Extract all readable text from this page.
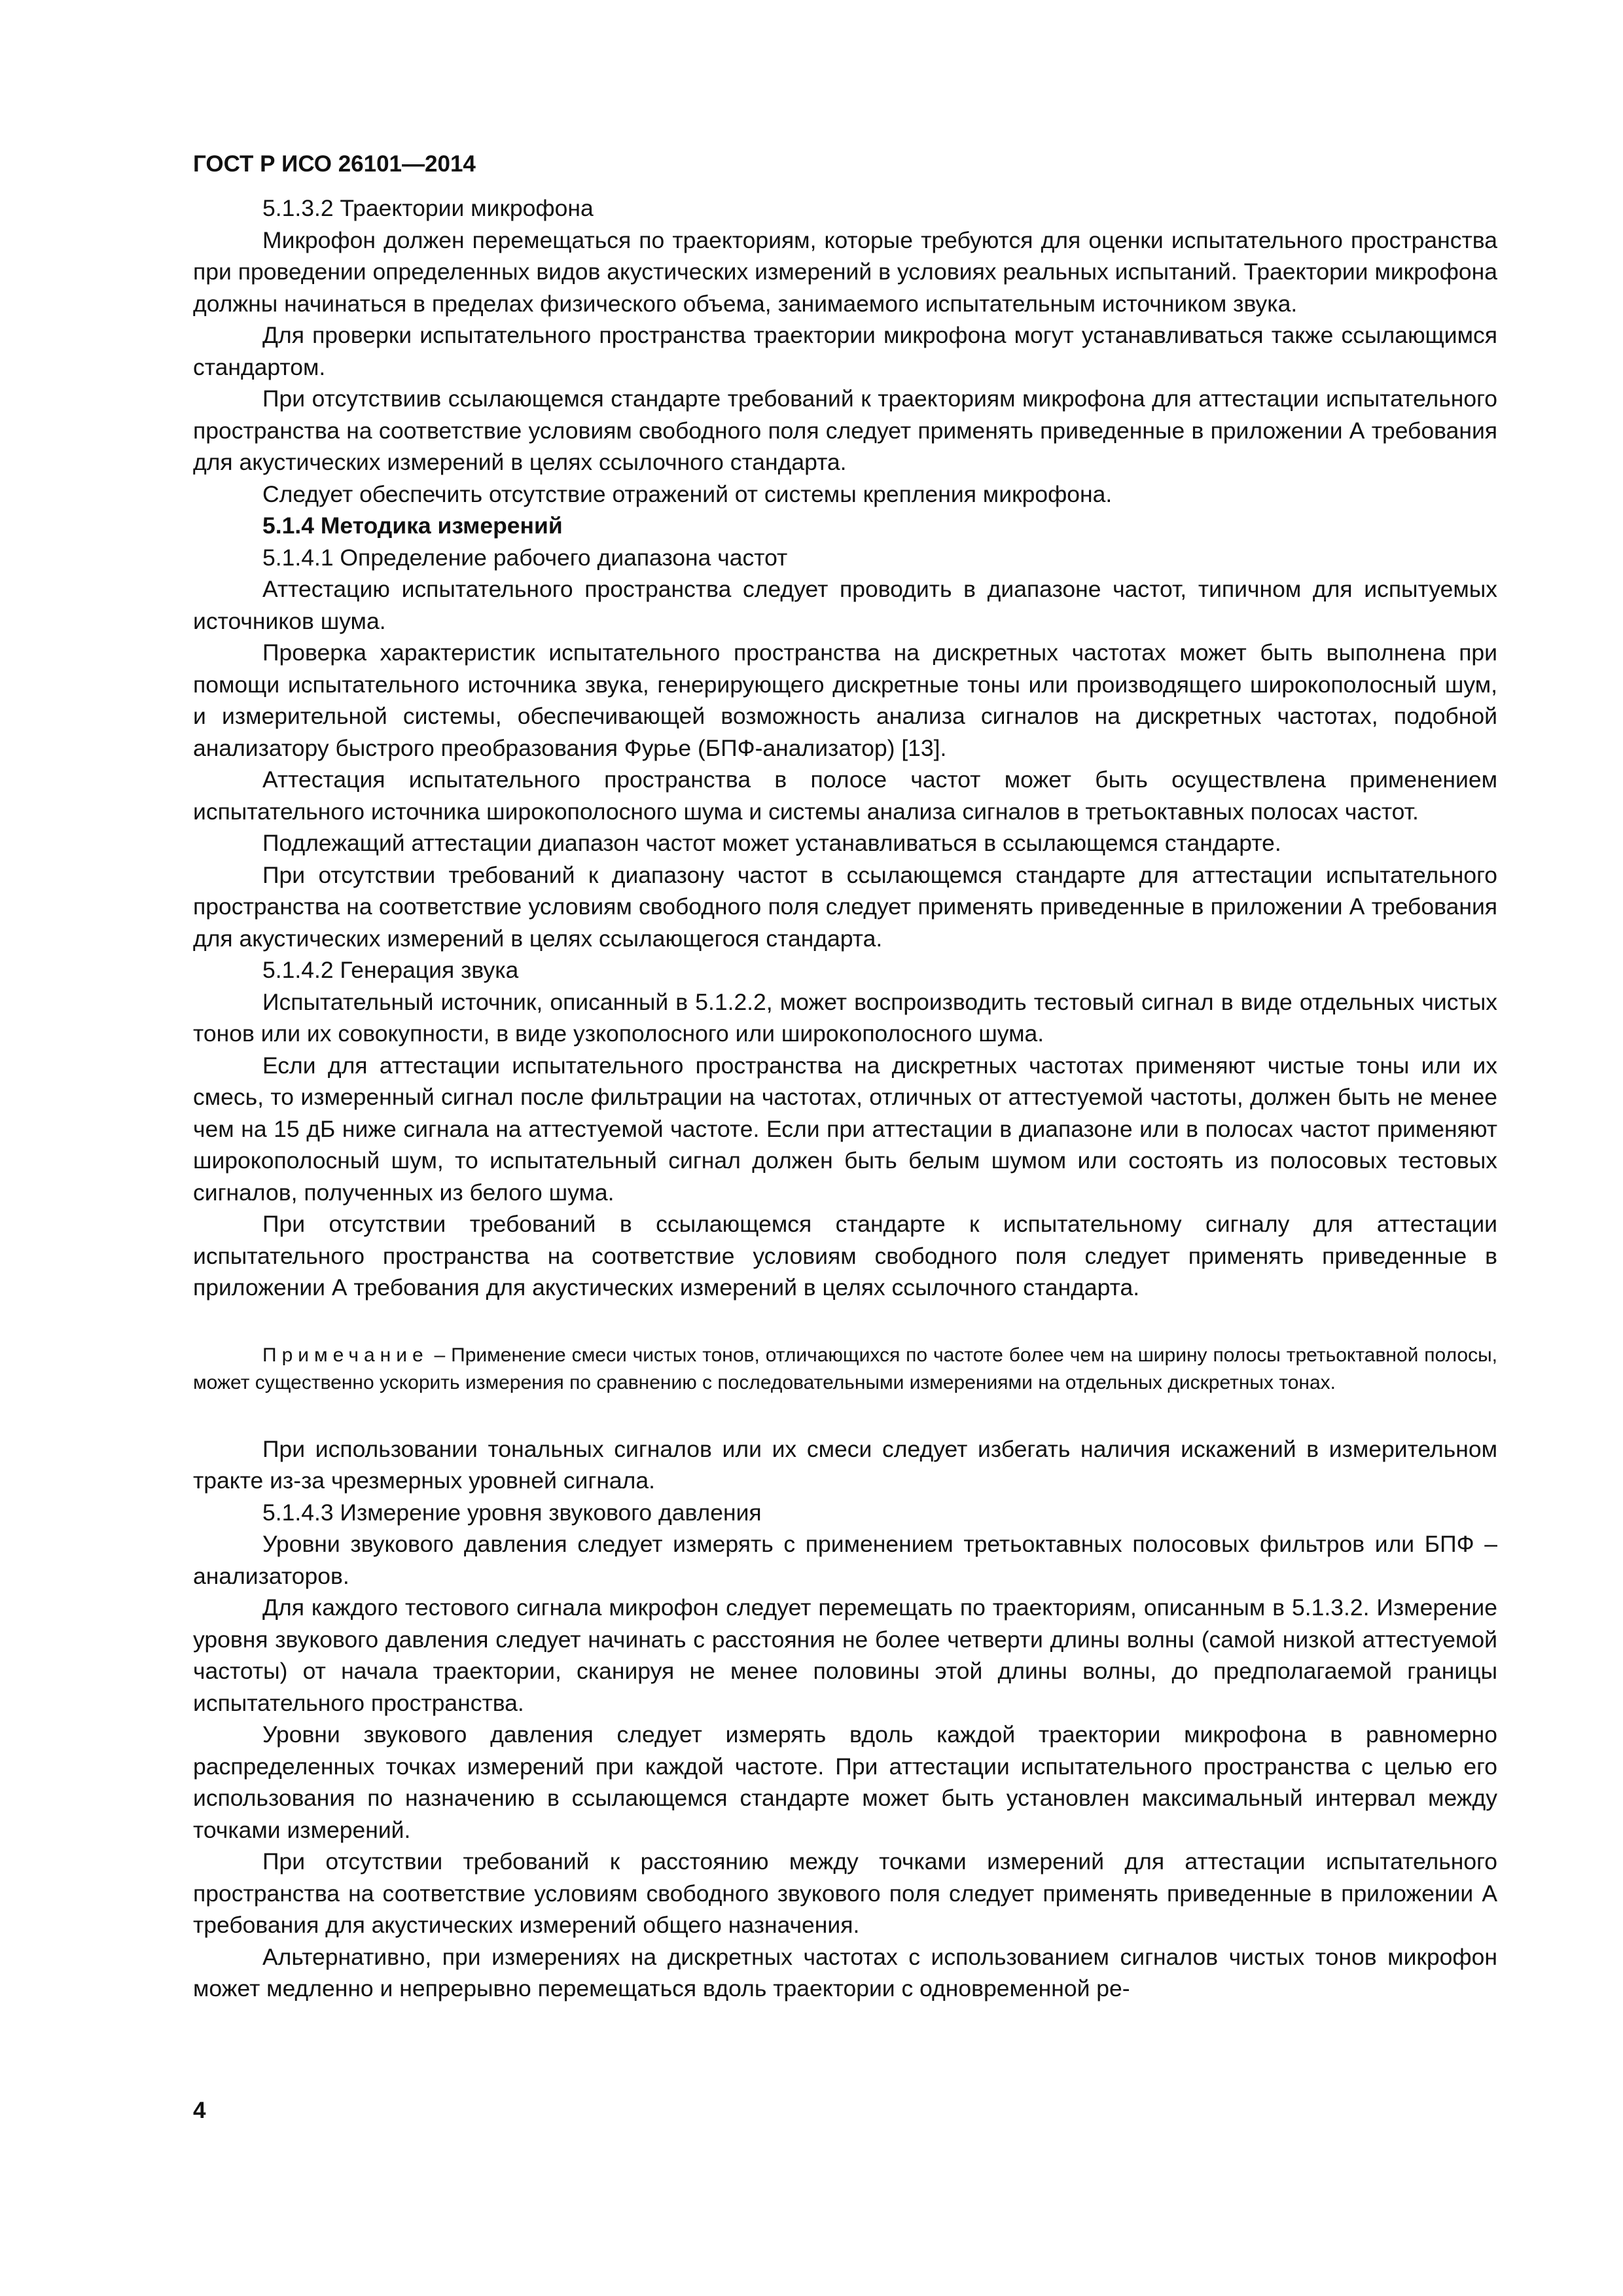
ГОСТ Р ИСО 26101—2014

5.1.3.2 Траектории микрофона

Микрофон должен перемещаться по траекториям, которые требуются для оценки испытательного пространства при проведении определенных видов акустических измерений в условиях реальных испытаний. Траектории микрофона должны начинаться в пределах физического объема, занимаемого испытательным источником звука.

Для проверки испытательного пространства траектории микрофона могут устанавливаться также ссылающимся стандартом.

При отсутствиив ссылающемся стандарте требований к траекториям микрофона для аттестации испытательного пространства на соответствие условиям свободного поля следует применять приведенные в приложении А требования для акустических измерений в целях ссылочного стандарта.

Следует обеспечить отсутствие отражений от системы крепления микрофона.

5.1.4 Методика измерений

5.1.4.1 Определение рабочего диапазона частот

Аттестацию испытательного пространства следует проводить в диапазоне частот, типичном для испытуемых источников шума.

Проверка характеристик испытательного пространства на дискретных частотах может быть выполнена при помощи испытательного источника звука, генерирующего дискретные тоны или производящего широкополосный шум, и измерительной системы, обеспечивающей возможность анализа сигналов на дискретных частотах, подобной анализатору быстрого преобразования Фурье (БПФ-анализатор) [13].

Аттестация испытательного пространства в полосе частот может быть осуществлена применением испытательного источника широкополосного шума и системы анализа сигналов в третьоктавных полосах частот.

Подлежащий аттестации диапазон частот может устанавливаться в ссылающемся стандарте.

При отсутствии требований к диапазону частот в ссылающемся стандарте для аттестации испытательного пространства на соответствие условиям свободного поля следует применять приведенные в приложении А требования для акустических измерений в целях ссылающегося стандарта.

5.1.4.2 Генерация звука

Испытательный источник, описанный в 5.1.2.2, может воспроизводить тестовый сигнал в виде отдельных чистых тонов или их совокупности, в виде узкополосного или широкополосного шума.

Если для аттестации испытательного пространства на дискретных частотах применяют чистые тоны или их смесь, то измеренный сигнал после фильтрации на частотах, отличных от аттестуемой частоты, должен быть не менее чем на 15 дБ ниже сигнала на аттестуемой частоте. Если при аттестации в диапазоне или в полосах частот применяют широкополосный шум, то испытательный сигнал должен быть белым шумом или состоять из полосовых тестовых сигналов, полученных из белого шума.

При отсутствии требований в ссылающемся стандарте к испытательному сигналу для аттестации испытательного пространства на соответствие условиям свободного поля следует применять приведенные в приложении А требования для акустических измерений в целях ссылочного стандарта.

Примечание – Применение смеси чистых тонов, отличающихся по частоте более чем на ширину полосы третьоктавной полосы, может существенно ускорить измерения по сравнению с последовательными измерениями на отдельных дискретных тонах.

При использовании тональных сигналов или их смеси следует избегать наличия искажений в измерительном тракте из-за чрезмерных уровней сигнала.

5.1.4.3 Измерение уровня звукового давления

Уровни звукового давления следует измерять с применением третьоктавных полосовых фильтров или БПФ – анализаторов.

Для каждого тестового сигнала микрофон следует перемещать по траекториям, описанным в 5.1.3.2. Измерение уровня звукового давления следует начинать с расстояния не более четверти длины волны (самой низкой аттестуемой частоты) от начала траектории, сканируя не менее половины этой длины волны, до предполагаемой границы испытательного пространства.

Уровни звукового давления следует измерять вдоль каждой траектории микрофона в равномерно распределенных точках измерений при каждой частоте. При аттестации испытательного пространства с целью его использования по назначению в ссылающемся стандарте может быть установлен максимальный интервал между точками измерений.

При отсутствии требований к расстоянию между точками измерений для аттестации испытательного пространства на соответствие условиям свободного звукового поля следует применять приведенные в приложении А требования для акустических измерений общего назначения.

Альтернативно, при измерениях на дискретных частотах с использованием сигналов чистых тонов микрофон может медленно и непрерывно перемещаться вдоль траектории с одновременной ре-

4
